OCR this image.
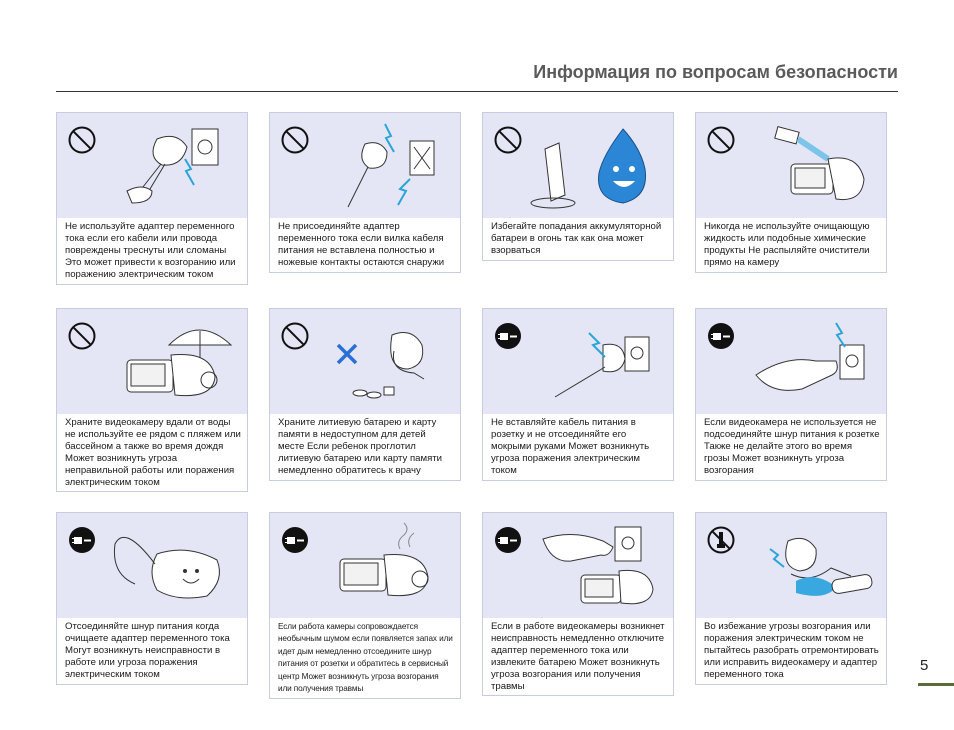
Информация по вопросам безопасности
Не используйте адаптер переменного тока если его кабели или провода повреждены треснуты или сломаны Это может привести к возгоранию или поражению электрическим током
Не присоединяйте адаптер переменного тока если вилка кабеля питания не вставлена полностью и ножевые контакты остаются снаружи
Избегайте попадания аккумуляторной батареи в огонь так как она может взорваться
Никогда не используйте очищающую жидкость или подобные химические продукты Не распыляйте очистители прямо на камеру
Храните видеокамеру вдали от воды не используйте ее рядом с пляжем или бассейном а также во время дождя Может возникнуть угроза неправильной работы или поражения электрическим током
Храните литиевую батарею и карту памяти в недоступном для детей месте Если ребенок проглотил литиевую батарею или карту памяти немедленно обратитесь к врачу
Не вставляйте кабель питания в розетку и не отсоединяйте его мокрыми руками Может возникнуть угроза поражения электрическим током
Если видеокамера не используется не подсоединяйте шнур питания к розетке Также не делайте этого во время грозы Может возникнуть угроза возгорания
Отсоединяйте шнур питания когда очищаете адаптер переменного тока Могут возникнуть неисправности в работе или угроза поражения электрическим током
Если работа камеры сопровождается необычным шумом если появляется запах или идет дым немедленно отсоедините шнур питания от розетки и обратитесь в сервисный центр Может возникнуть угроза возгорания или получения травмы
Если в работе видеокамеры возникнет неисправность немедленно отключите адаптер переменного тока или извлеките батарею Может возникнуть угроза возгорания или получения травмы
Во избежание угрозы возгорания или поражения электрическим током не пытайтесь разобрать отремонтировать или исправить видеокамеру и адаптер переменного тока
5
